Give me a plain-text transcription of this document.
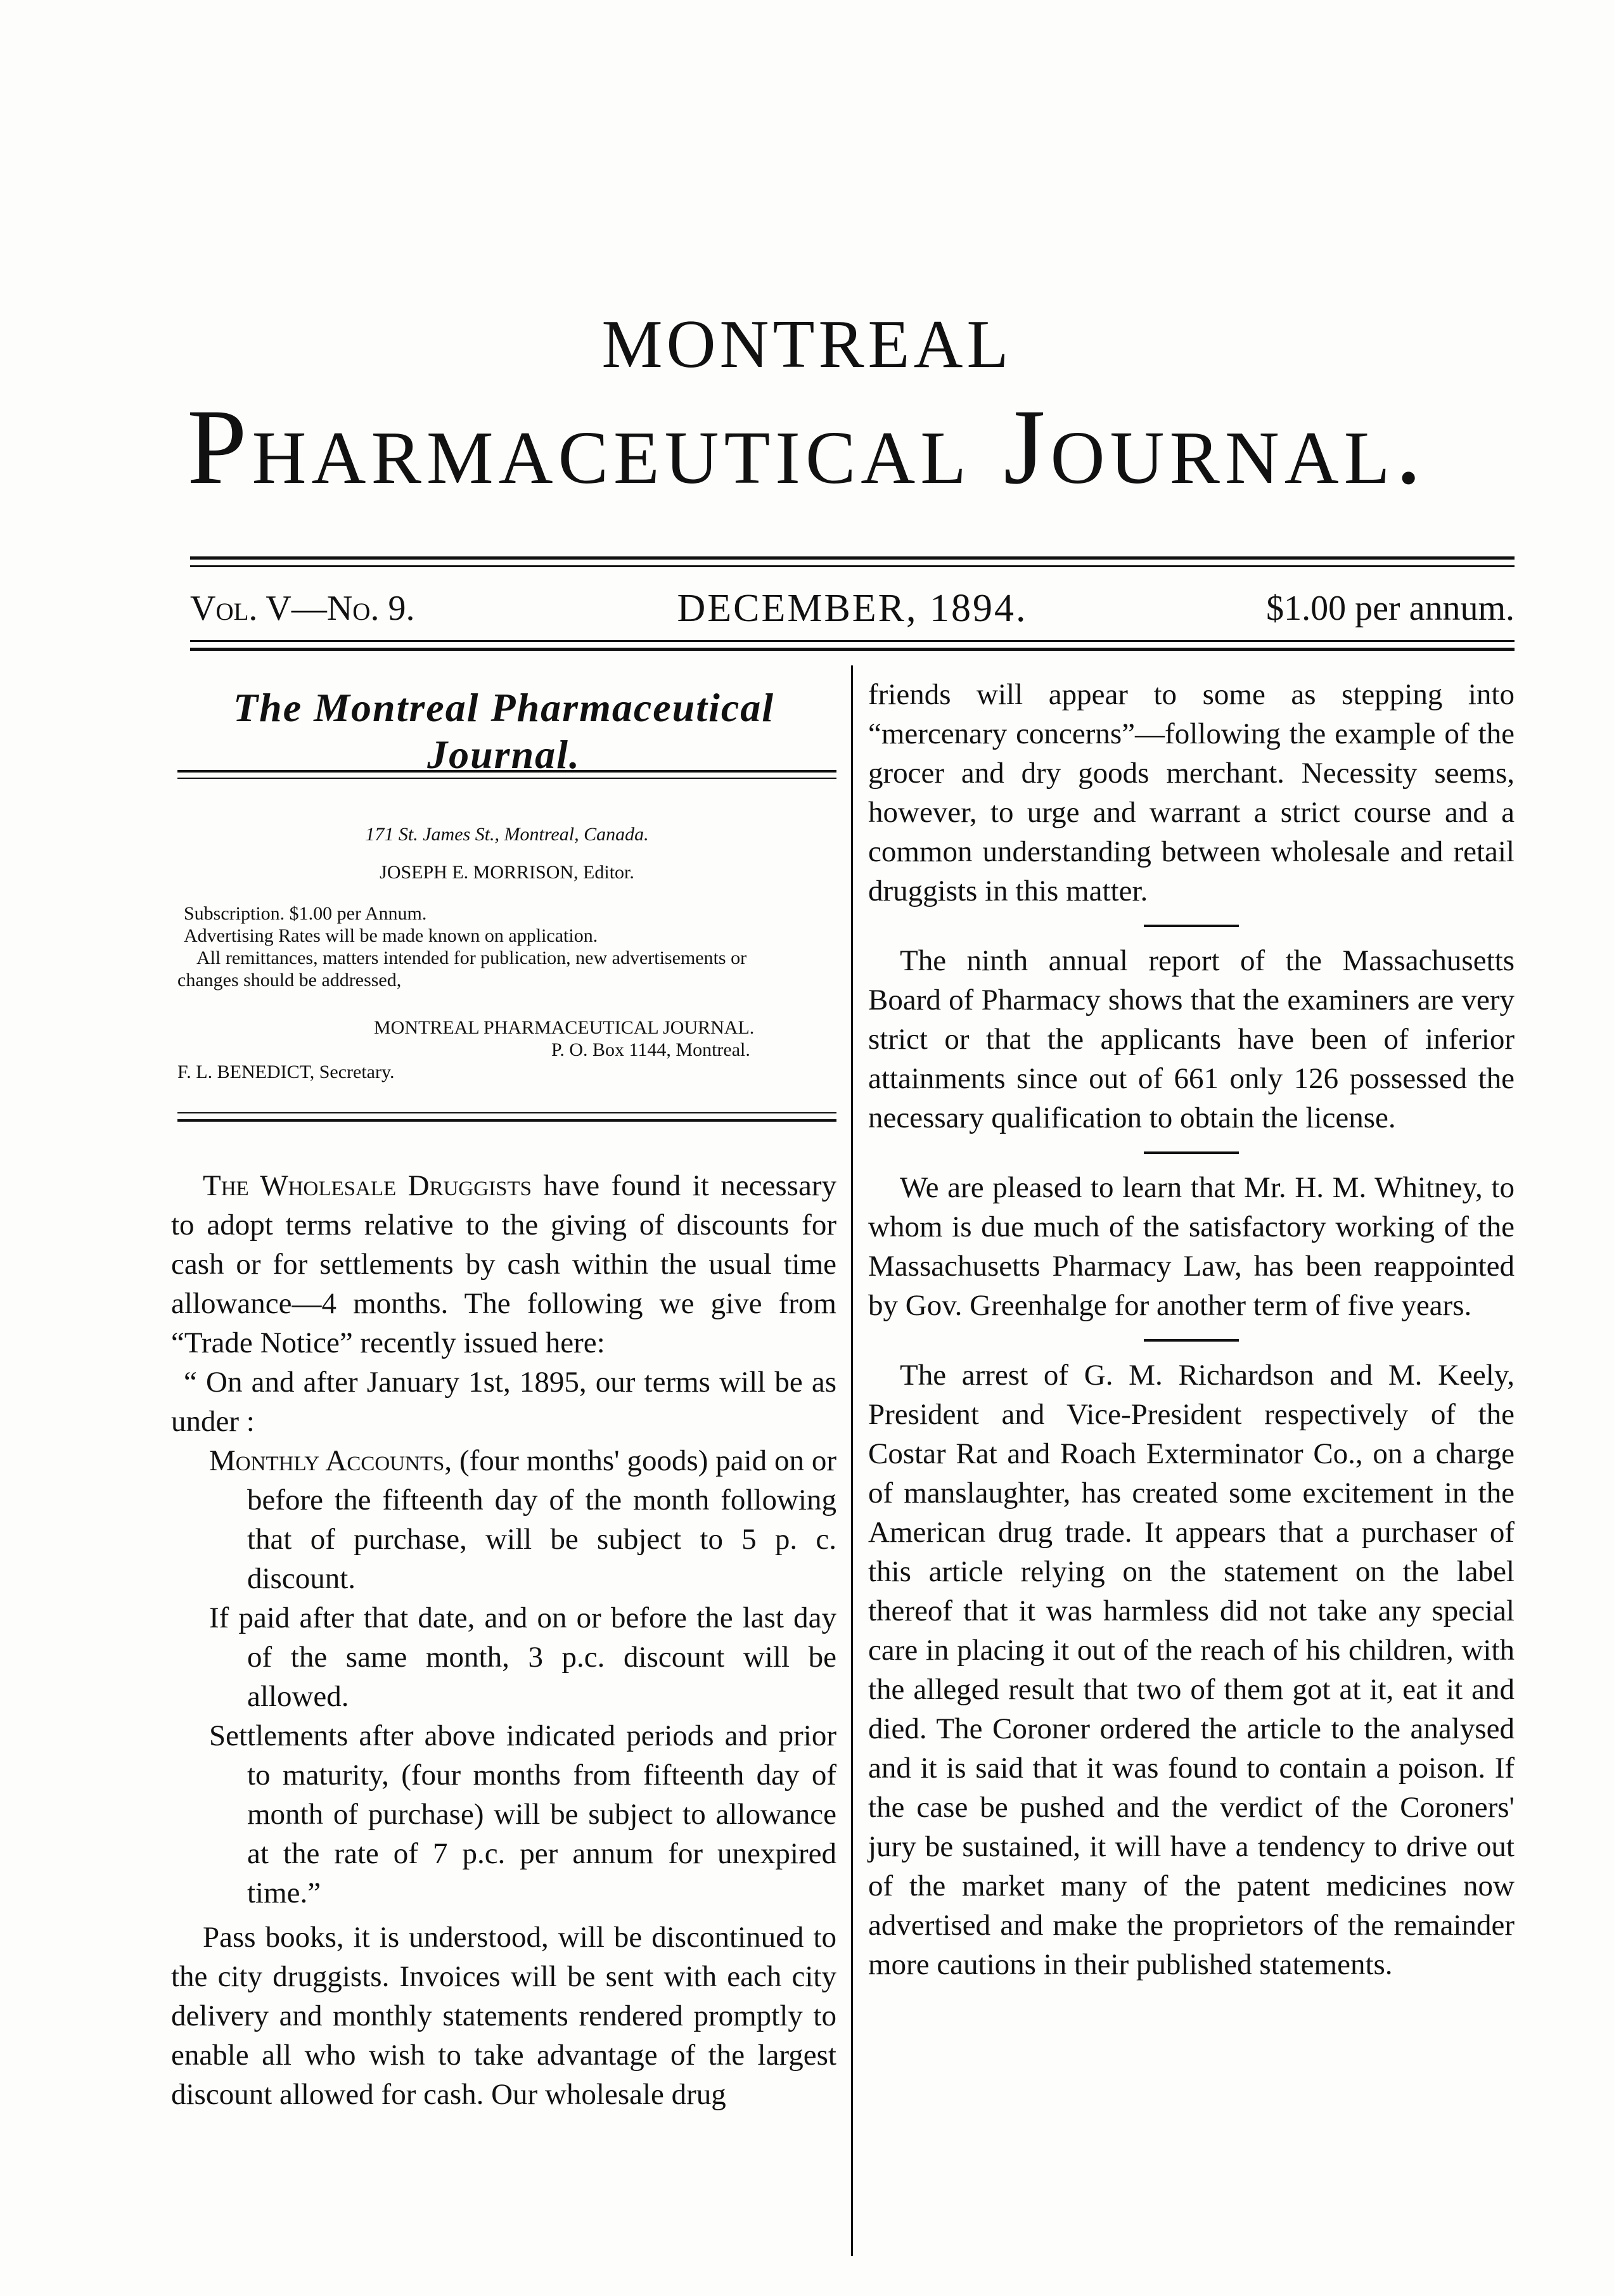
MONTREAL
Pharmaceutical Journal.
DECEMBER, 1894.
Vol. V—No. 9.	$1.00 per annum.
The Montreal Pharmaceutical Journal.
171 St. James St., Montreal, Canada.
JOSEPH E. MORRISON, Editor.
Subscription. $1.00 per Annum.
Advertising Rates will be made known on application.
All remittances, matters intended for publication, new advertisements or
changes should be addressed,
MONTREAL PHARMACEUTICAL JOURNAL.
P. O. Box 1144, Montreal.
F. L. BENEDICT, Secretary.

The Wholesale Druggists have found it necessary to adopt terms relative to the giving of discounts for cash or for settlements by cash within the usual time allowance—4 months. The following we give from “Trade Notice” recently issued here:

“ On and after January 1st, 1895, our terms will be as under :

Monthly Accounts, (four months' goods) paid on or before the fifteenth day of the month following that of purchase, will be subject to 5 p. c. discount.

If paid after that date, and on or before the last day of the same month, 3 p.c. discount will be allowed.

Settlements after above indicated periods and prior to maturity, (four months from fifteenth day of month of purchase) will be subject to allowance at the rate of 7 p.c. per annum for unexpired time.”

Pass books, it is understood, will be discontinued to the city druggists. Invoices will be sent with each city delivery and monthly statements rendered promptly to enable all who wish to take advantage of the largest discount allowed for cash. Our wholesale drug

friends will appear to some as stepping into “mercenary concerns”—following the example of the grocer and dry goods merchant. Necessity seems, however, to urge and warrant a strict course and a common understanding between wholesale and retail druggists in this matter.

The ninth annual report of the Massachusetts Board of Pharmacy shows that the examiners are very strict or that the applicants have been of inferior attainments since out of 661 only 126 possessed the necessary qualification to obtain the license.

We are pleased to learn that Mr. H. M. Whitney, to whom is due much of the satisfactory working of the Massachusetts Pharmacy Law, has been reappointed by Gov. Greenhalge for another term of five years.

The arrest of G. M. Richardson and M. Keely, President and Vice-President respectively of the Costar Rat and Roach Exterminator Co., on a charge of manslaughter, has created some excitement in the American drug trade. It appears that a purchaser of this article relying on the statement on the label thereof that it was harmless did not take any special care in placing it out of the reach of his children, with the alleged result that two of them got at it, eat it and died. The Coroner ordered the article to the analysed and it is said that it was found to contain a poison. If the case be pushed and the verdict of the Coroners' jury be sustained, it will have a tendency to drive out of the market many of the patent medicines now advertised and make the proprietors of the remainder more cautions in their published statements.
